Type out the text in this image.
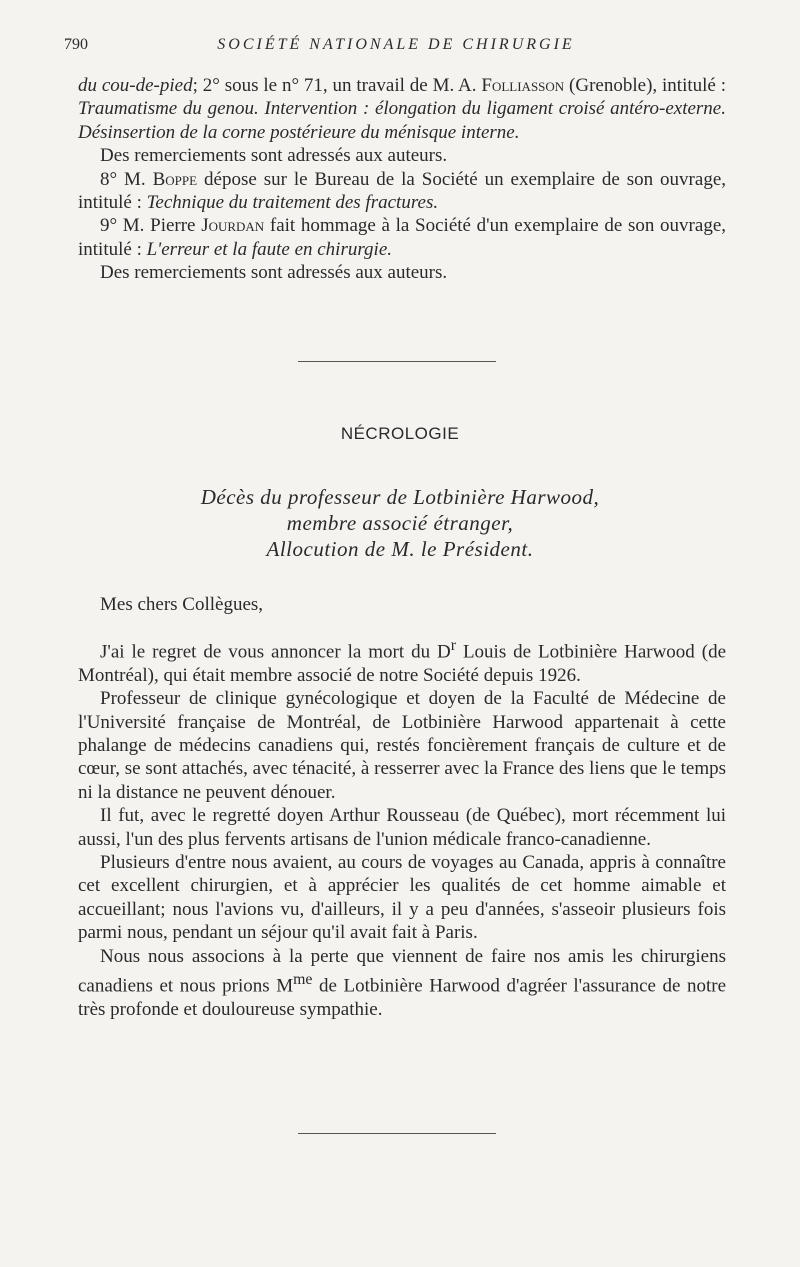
790	SOCIÉTÉ NATIONALE DE CHIRURGIE

du cou-de-pied; 2° sous le n° 71, un travail de M. A. Folliasson (Grenoble), intitulé : Traumatisme du genou. Intervention : élongation du ligament croisé antéro-externe. Désinsertion de la corne postérieure du ménisque interne.

Des remerciements sont adressés aux auteurs.

8° M. Boppe dépose sur le Bureau de la Société un exemplaire de son ouvrage, intitulé : Technique du traitement des fractures.

9° M. Pierre Jourdan fait hommage à la Société d'un exemplaire de son ouvrage, intitulé : L'erreur et la faute en chirurgie.

Des remerciements sont adressés aux auteurs.

NÉCROLOGIE
Décès du professeur de Lotbinière Harwood,
membre associé étranger,
Allocution de M. le Président.
Mes chers Collègues,

J'ai le regret de vous annoncer la mort du $D^r$ Louis de Lotbinière Harwood (de Montréal), qui était membre associé de notre Société depuis 1926.

Professeur de clinique gynécologique et doyen de la Faculté de Médecine de l'Université française de Montréal, de Lotbinière Harwood appartenait à cette phalange de médecins canadiens qui, restés foncièrement français de culture et de cœur, se sont attachés, avec ténacité, à resserrer avec la France des liens que le temps ni la distance ne peuvent dénouer.

Il fut, avec le regretté doyen Arthur Rousseau (de Québec), mort récemment lui aussi, l'un des plus fervents artisans de l'union médicale franco-canadienne.

Plusieurs d'entre nous avaient, au cours de voyages au Canada, appris à connaître cet excellent chirurgien, et à apprécier les qualités de cet homme aimable et accueillant; nous l'avions vu, d'ailleurs, il y a peu d'années, s'asseoir plusieurs fois parmi nous, pendant un séjour qu'il avait fait à Paris.

Nous nous associons à la perte que viennent de faire nos amis les chirurgiens canadiens et nous prions $M^{me}$ de Lotbinière Harwood d'agréer l'assurance de notre très profonde et douloureuse sympathie.
